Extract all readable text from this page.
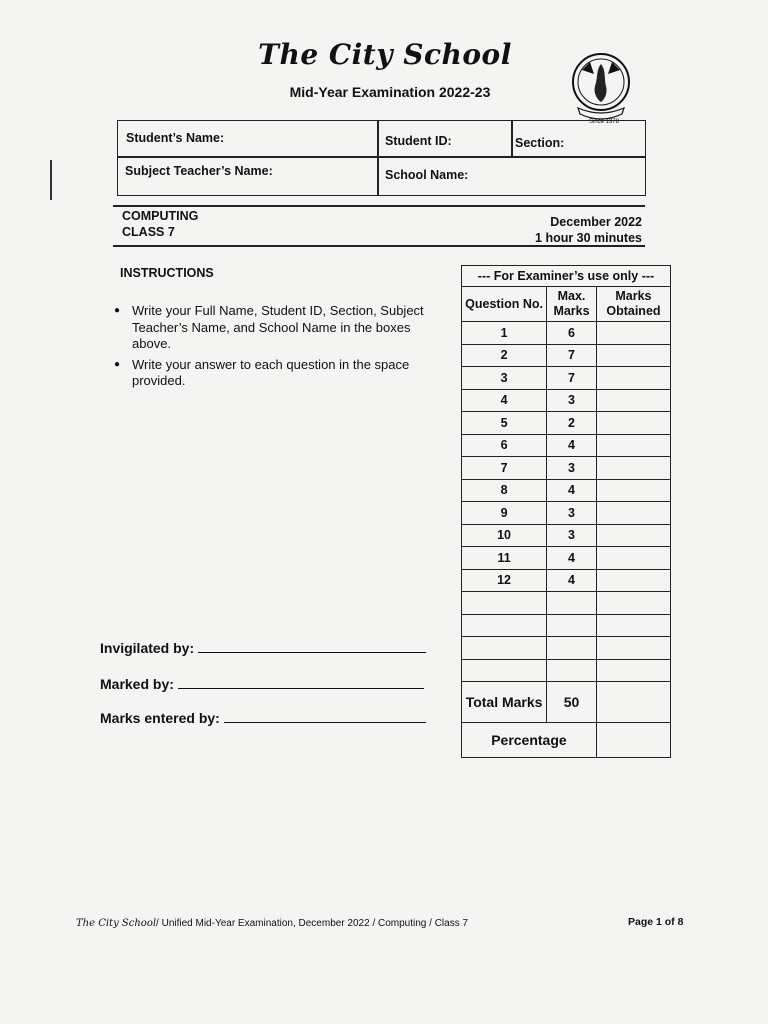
The City School
Mid-Year Examination 2022-23
Since 1978
Student’s Name:	Student ID:	Section:
Subject Teacher’s Name:	School Name:
COMPUTING
CLASS 7
December 2022
1 hour 30 minutes
INSTRUCTIONS
● Write your Full Name, Student ID, Section, Subject Teacher’s Name, and School Name in the boxes above.
● Write your answer to each question in the space provided.
Invigilated by:
Marked by:
Marks entered by:
--- For Examiner’s use only ---		
Question No.	Max. Marks	Marks Obtained
1	6	
2	7	
3	7	
4	3	
5	2	
6	4	
7	3	
8	4	
9	3	
10	3	
11	4	
12	4	

Total Marks	50	
Percentage		
The City School/ Unified Mid-Year Examination, December 2022 / Computing / Class 7	Page 1 of 8
